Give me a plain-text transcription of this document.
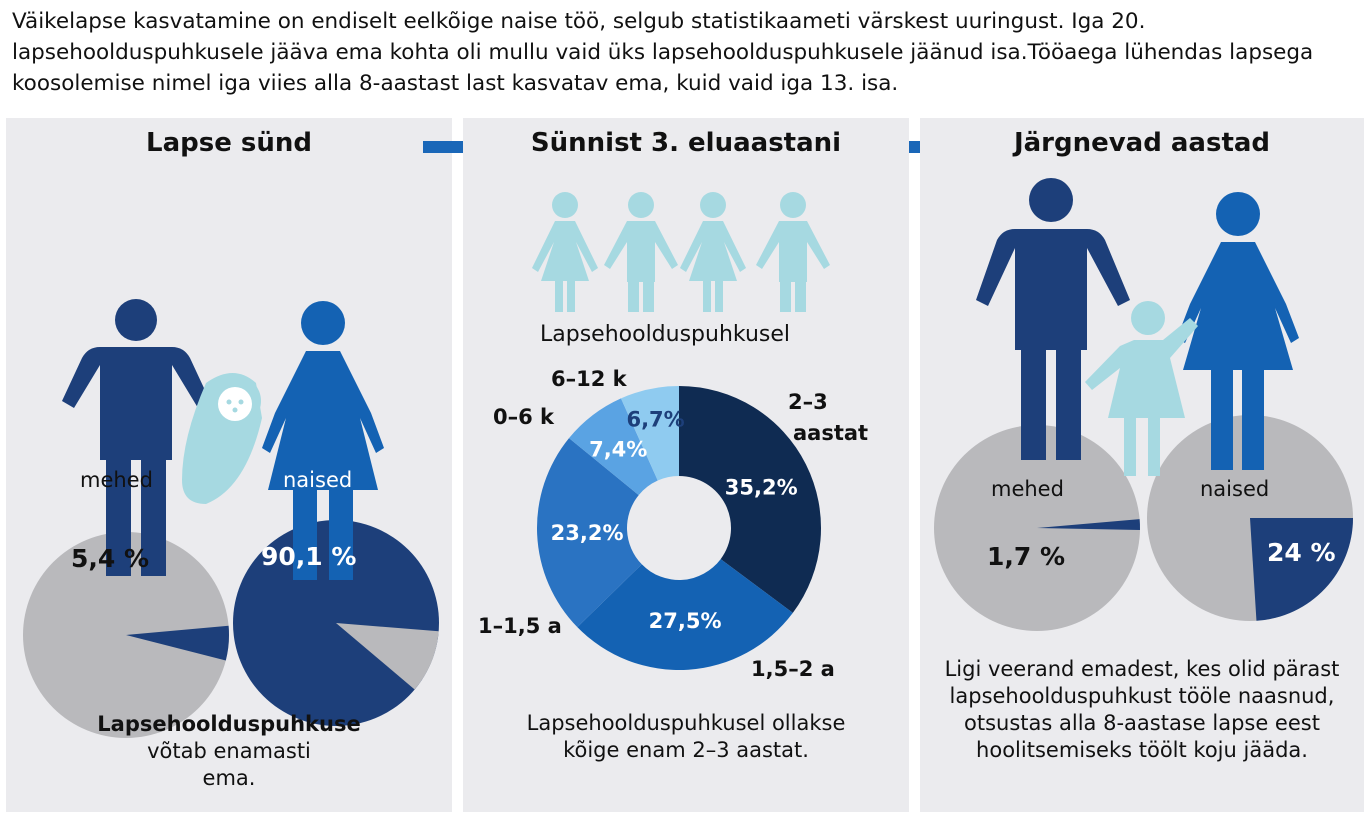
Väikelapse kasvatamine on endiselt eelkõige naise töö, selgub statistikaameti värskest uuringust. Iga 20. lapsehoolduspuhkusele jääva ema kohta oli mullu vaid üks lapsehoolduspuhkusele jäänud isa.Tööaega lühendas lapsega koosolemise nimel iga viies alla 8-aastast last kasvatav ema, kuid vaid iga 13. isa.

Lapse sünd
mehed	naised
5,4 %	90,1 %
Lapsehoolduspuhkuse
võtab enamasti ema.
Sünnist 3. eluaastani
Lapsehoolduspuhkusel
35,2%
27,5%
23,2%
7,4%
6,7%
2–3
aastat
1,5–2 a
1–1,5 a
0–6 k
6–12 k
Lapsehoolduspuhkusel ollakse kõige enam 2–3 aastat.
Järgnevad aastad
mehed	naised
1,7 %	24 %
Ligi veerand emadest, kes olid pärast lapsehoolduspuhkust tööle naasnud, otsustas alla 8-aastase lapse eest hoolitsemiseks töölt koju jääda.
